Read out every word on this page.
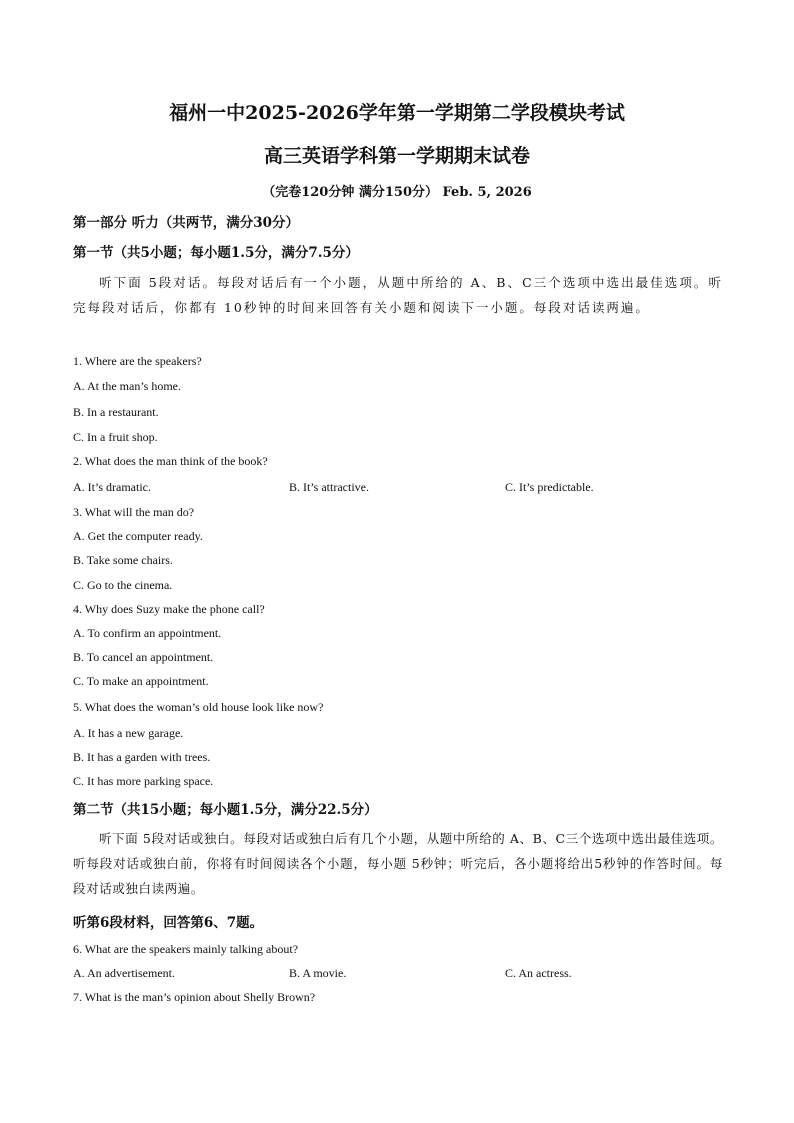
福州一中2025-2026学年第一学期第二学段模块考试
高三英语学科第一学期期末试卷
（完卷120分钟 满分150分） Feb. 5, 2026
第一部分 听力（共两节，满分30分）
第一节（共5小题；每小题1.5分，满分7.5分）
听下面 5段对话。每段对话后有一个小题，从题中所给的 A、B、C三个选项中选出最佳选项。听完每段对话后，你都有 10秒钟的时间来回答有关小题和阅读下一小题。每段对话读两遍。
1. Where are the speakers?
A. At the man’s home.
B. In a restaurant.
C. In a fruit shop.
2. What does the man think of the book?
A. It’s dramatic.	B. It’s attractive.	C. It’s predictable.
3. What will the man do?
A. Get the computer ready.
B. Take some chairs.
C. Go to the cinema.
4. Why does Suzy make the phone call?
A. To confirm an appointment.
B. To cancel an appointment.
C. To make an appointment.
5. What does the woman’s old house look like now?
A. It has a new garage.
B. It has a garden with trees.
C. It has more parking space.
第二节（共15小题；每小题1.5分，满分22.5分）
听下面 5段对话或独白。每段对话或独白后有几个小题，从题中所给的 A、B、C三个选项中选出最佳选项。听每段对话或独白前，你将有时间阅读各个小题，每小题 5秒钟；听完后，各小题将给出5秒钟的作答时间。每段对话或独白读两遍。
听第6段材料，回答第6、7题。
6. What are the speakers mainly talking about?
A. An advertisement.	B. A movie.	C. An actress.
7. What is the man’s opinion about Shelly Brown?
